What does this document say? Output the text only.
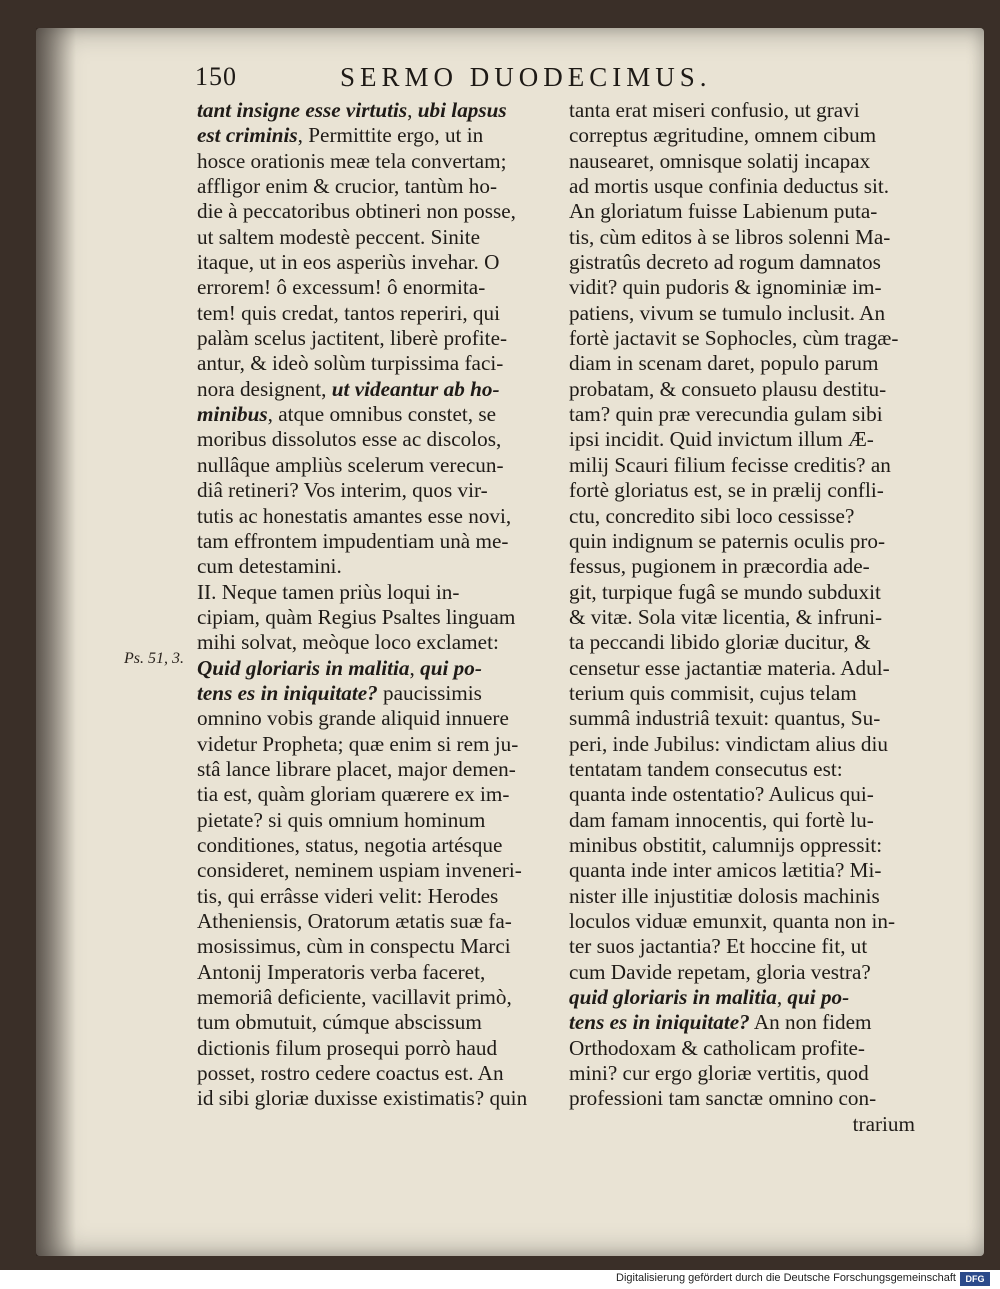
150	SERMO DUODECIMUS.
Ps. 51, 3.
tant insigne esse virtutis, ubi lapsus
est criminis, Permittite ergo, ut in
hosce orationis meæ tela convertam;
affligor enim & crucior, tantùm ho-
die à peccatoribus obtineri non posse,
ut saltem modestè peccent. Sinite
itaque, ut in eos asperiùs invehar. O
errorem! ô excessum! ô enormita-
tem! quis credat, tantos reperiri, qui
palàm scelus jactitent, liberè profite-
antur, & ideò solùm turpissima faci-
nora designent, ut videantur ab ho-
minibus, atque omnibus constet, se
moribus dissolutos esse ac discolos,
nullâque ampliùs scelerum verecun-
diâ retineri? Vos interim, quos vir-
tutis ac honestatis amantes esse novi,
tam effrontem impudentiam unà me-
cum detestamini.
II. Neque tamen priùs loqui in-
cipiam, quàm Regius Psaltes linguam
mihi solvat, meòque loco exclamet:
Quid gloriaris in malitia, qui po-
tens es in iniquitate? paucissimis
omnino vobis grande aliquid innuere
videtur Propheta; quæ enim si rem ju-
stâ lance librare placet, major demen-
tia est, quàm gloriam quærere ex im-
pietate? si quis omnium hominum
conditiones, status, negotia artésque
consideret, neminem uspiam inveneri-
tis, qui errâsse videri velit: Herodes
Atheniensis, Oratorum ætatis suæ fa-
mosissimus, cùm in conspectu Marci
Antonij Imperatoris verba faceret,
memoriâ deficiente, vacillavit primò,
tum obmutuit, cúmque abscissum
dictionis filum prosequi porrò haud
posset, rostro cedere coactus est. An
id sibi gloriæ duxisse existimatis? quin
tanta erat miseri confusio, ut gravi
correptus ægritudine, omnem cibum
nausearet, omnisque solatij incapax
ad mortis usque confinia deductus sit.
An gloriatum fuisse Labienum puta-
tis, cùm editos à se libros solenni Ma-
gistratûs decreto ad rogum damnatos
vidit? quin pudoris & ignominiæ im-
patiens, vivum se tumulo inclusit. An
fortè jactavit se Sophocles, cùm tragæ-
diam in scenam daret, populo parum
probatam, & consueto plausu destitu-
tam? quin præ verecundia gulam sibi
ipsi incidit. Quid invictum illum Æ-
milij Scauri filium fecisse creditis? an
fortè gloriatus est, se in prælij confli-
ctu, concredito sibi loco cessisse?
quin indignum se paternis oculis pro-
fessus, pugionem in præcordia ade-
git, turpique fugâ se mundo subduxit
& vitæ. Sola vitæ licentia, & infruni-
ta peccandi libido gloriæ ducitur, &
censetur esse jactantiæ materia. Adul-
terium quis commisit, cujus telam
summâ industriâ texuit: quantus, Su-
peri, inde Jubilus: vindictam alius diu
tentatam tandem consecutus est:
quanta inde ostentatio? Aulicus qui-
dam famam innocentis, qui fortè lu-
minibus obstitit, calumnijs oppressit:
quanta inde inter amicos lætitia? Mi-
nister ille injustitiæ dolosis machinis
loculos viduæ emunxit, quanta non in-
ter suos jactantia? Et hoccine fit, ut
cum Davide repetam, gloria vestra?
quid gloriaris in malitia, qui po-
tens es in iniquitate? An non fidem
Orthodoxam & catholicam profite-
mini? cur ergo gloriæ vertitis, quod
professioni tam sanctæ omnino con-
trarium
Digitalisierung gefördert durch die Deutsche Forschungsgemeinschaft	DFG
